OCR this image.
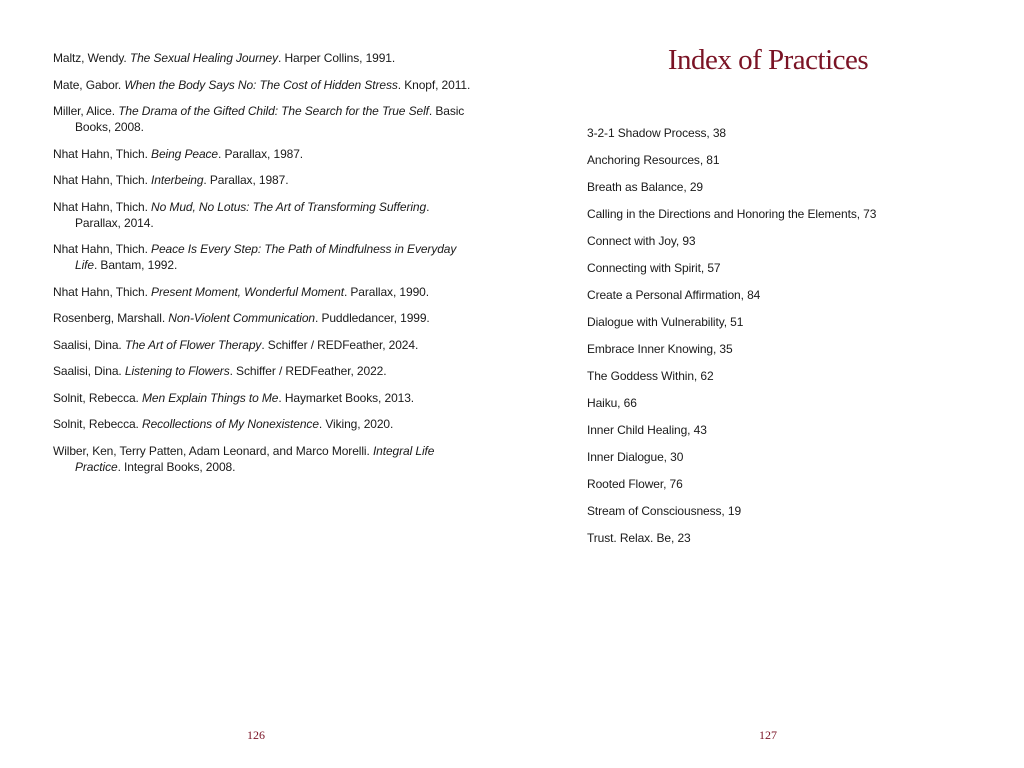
Maltz, Wendy. The Sexual Healing Journey. Harper Collins, 1991.
Mate, Gabor. When the Body Says No: The Cost of Hidden Stress. Knopf, 2011.
Miller, Alice. The Drama of the Gifted Child: The Search for the True Self. Basic Books, 2008.
Nhat Hahn, Thich. Being Peace. Parallax, 1987.
Nhat Hahn, Thich. Interbeing. Parallax, 1987.
Nhat Hahn, Thich. No Mud, No Lotus: The Art of Transforming Suffering. Parallax, 2014.
Nhat Hahn, Thich. Peace Is Every Step: The Path of Mindfulness in Everyday Life. Bantam, 1992.
Nhat Hahn, Thich. Present Moment, Wonderful Moment. Parallax, 1990.
Rosenberg, Marshall. Non-Violent Communication. Puddledancer, 1999.
Saalisi, Dina. The Art of Flower Therapy. Schiffer / REDFeather, 2024.
Saalisi, Dina. Listening to Flowers. Schiffer / REDFeather, 2022.
Solnit, Rebecca. Men Explain Things to Me. Haymarket Books, 2013.
Solnit, Rebecca. Recollections of My Nonexistence. Viking, 2020.
Wilber, Ken, Terry Patten, Adam Leonard, and Marco Morelli. Integral Life Practice. Integral Books, 2008.
126
Index of Practices
3-2-1 Shadow Process, 38
Anchoring Resources, 81
Breath as Balance, 29
Calling in the Directions and Honoring the Elements, 73
Connect with Joy, 93
Connecting with Spirit, 57
Create a Personal Affirmation, 84
Dialogue with Vulnerability, 51
Embrace Inner Knowing, 35
The Goddess Within, 62
Haiku, 66
Inner Child Healing, 43
Inner Dialogue, 30
Rooted Flower, 76
Stream of Consciousness, 19
Trust. Relax. Be, 23
127
